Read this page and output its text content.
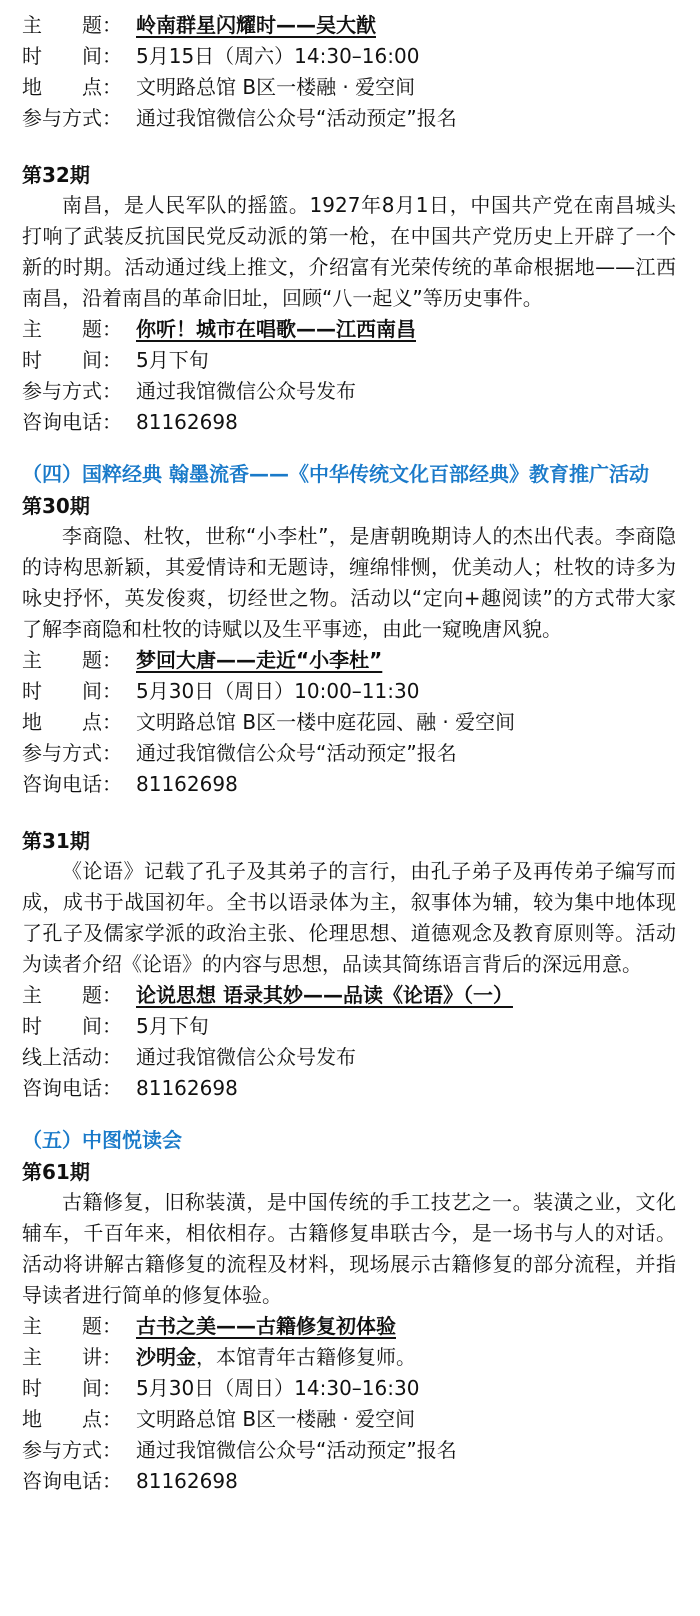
主　　题： 岭南群星闪耀时——吴大猷
时　　间： 5月15日（周六）14:30–16:00
地　　点： 文明路总馆 B区一楼融 · 爱空间
参与方式： 通过我馆微信公众号“活动预定”报名

第32期

南昌，是人民军队的摇篮。1927年8月1日，中国共产党在南昌城头打响了武装反抗国民党反动派的第一枪，在中国共产党历史上开辟了一个新的时期。活动通过线上推文，介绍富有光荣传统的革命根据地——江西南昌，沿着南昌的革命旧址，回顾“八一起义”等历史事件。

主　　题： 你听！城市在唱歌——江西南昌
时　　间： 5月下旬
参与方式： 通过我馆微信公众号发布
咨询电话： 81162698

（四）国粹经典 翰墨流香——《中华传统文化百部经典》教育推广活动

第30期

李商隐、杜牧，世称“小李杜”，是唐朝晚期诗人的杰出代表。李商隐的诗构思新颖，其爱情诗和无题诗，缠绵悱恻，优美动人；杜牧的诗多为咏史抒怀，英发俊爽，切经世之物。活动以“定向+趣阅读”的方式带大家了解李商隐和杜牧的诗赋以及生平事迹，由此一窥晚唐风貌。

主　　题： 梦回大唐——走近“小李杜”
时　　间： 5月30日（周日）10:00–11:30
地　　点： 文明路总馆 B区一楼中庭花园、融 · 爱空间
参与方式： 通过我馆微信公众号“活动预定”报名
咨询电话： 81162698

第31期

《论语》记载了孔子及其弟子的言行，由孔子弟子及再传弟子编写而成，成书于战国初年。全书以语录体为主，叙事体为辅，较为集中地体现了孔子及儒家学派的政治主张、伦理思想、道德观念及教育原则等。活动为读者介绍《论语》的内容与思想，品读其简练语言背后的深远用意。

主　　题： 论说思想 语录其妙——品读《论语》（一）
时　　间： 5月下旬
线上活动： 通过我馆微信公众号发布
咨询电话： 81162698

（五）中图悦读会

第61期

古籍修复，旧称装潢，是中国传统的手工技艺之一。装潢之业，文化辅车，千百年来，相依相存。古籍修复串联古今，是一场书与人的对话。活动将讲解古籍修复的流程及材料，现场展示古籍修复的部分流程，并指导读者进行简单的修复体验。

主　　题： 古书之美——古籍修复初体验
主　　讲： 沙明金，本馆青年古籍修复师。
时　　间： 5月30日（周日）14:30–16:30
地　　点： 文明路总馆 B区一楼融 · 爱空间
参与方式： 通过我馆微信公众号“活动预定”报名
咨询电话： 81162698
